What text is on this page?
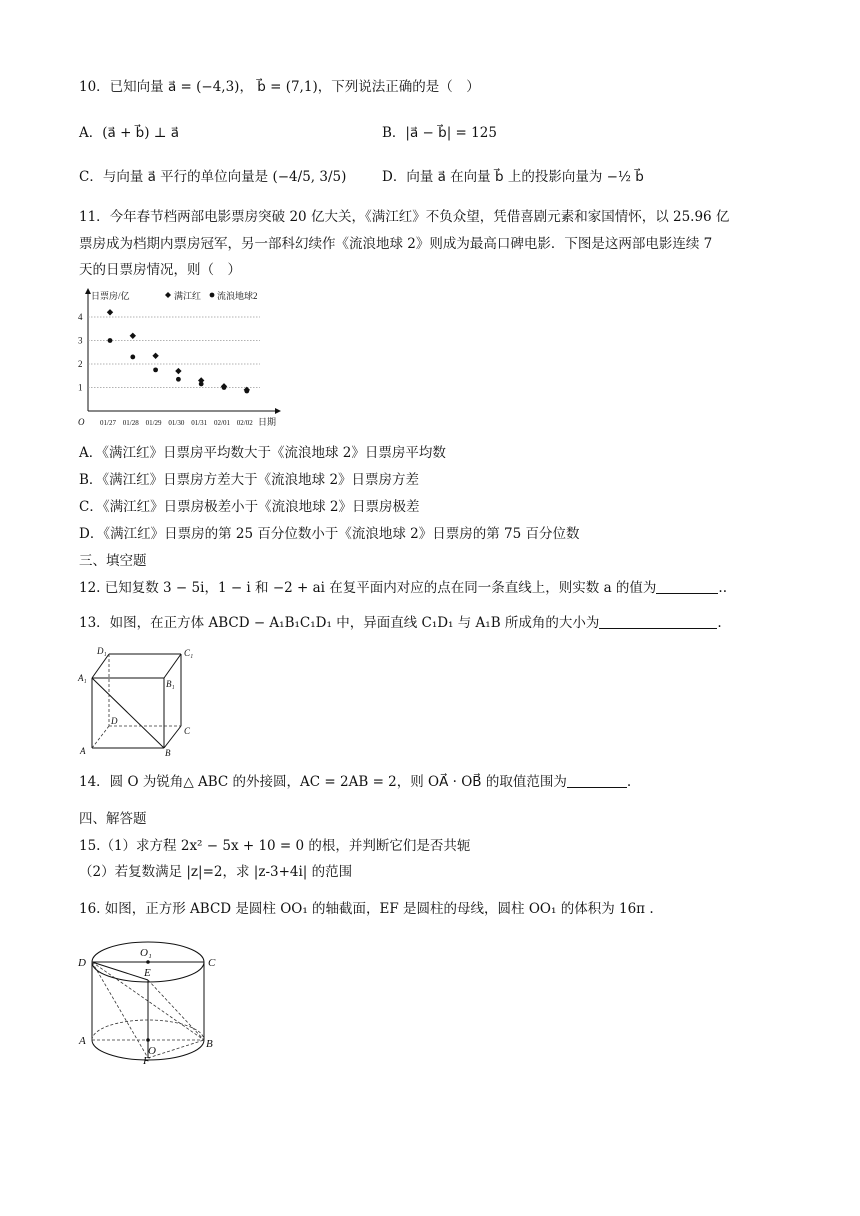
10．已知向量 a⃗ = (−4,3)， b⃗ = (7,1)，下列说法正确的是（　）
A．(a⃗ + b⃗) ⊥ a⃗	B．|a⃗ − b⃗| = 125
C．与向量 a⃗ 平行的单位向量是 (−4/5, 3/5)	D．向量 a⃗ 在向量 b⃗ 上的投影向量为 −½ b⃗
11．今年春节档两部电影票房突破 20 亿大关，《满江红》不负众望，凭借喜剧元素和家国情怀，以 25.96 亿
票房成为档期内票房冠军，另一部科幻续作《流浪地球 2》则成为最高口碑电影．下图是这两部电影连续 7
天的日票房情况，则（　）
1
2
3
4
01/27 01/28 01/29 01/30 01/31 02/01 02/02
日票房/亿
日期
O
满江红 流浪地球2
A．《满江红》日票房平均数大于《流浪地球 2》日票房平均数
B．《满江红》日票房方差大于《流浪地球 2》日票房方差
C．《满江红》日票房极差小于《流浪地球 2》日票房极差
D．《满江红》日票房的第 25 百分位数小于《流浪地球 2》日票房的第 75 百分位数
三、填空题
12. 已知复数 3 − 5i，1 − i 和 −2 + ai 在复平面内对应的点在同一条直线上，则实数 a 的值为	..
13．如图，在正方体 ABCD − A₁B₁C₁D₁ 中，异面直线 C₁D₁ 与 A₁B 所成角的大小为	.
D₁	C₁
A₁
B₁
D
C
A	B
14．圆 O 为锐角△ ABC 的外接圆，AC = 2AB = 2，则 OA⃗ · OB⃗ 的取值范围为	.
四、解答题
15.（1）求方程 2x² − 5x + 10 = 0 的根，并判断它们是否共轭
（2）若复数满足 |z|=2，求 |z-3+4i| 的范围
16. 如图，正方形 ABCD 是圆柱 OO₁ 的轴截面，EF 是圆柱的母线，圆柱 OO₁ 的体积为 16π .
O₁
D	C
E
A
O
B
F
